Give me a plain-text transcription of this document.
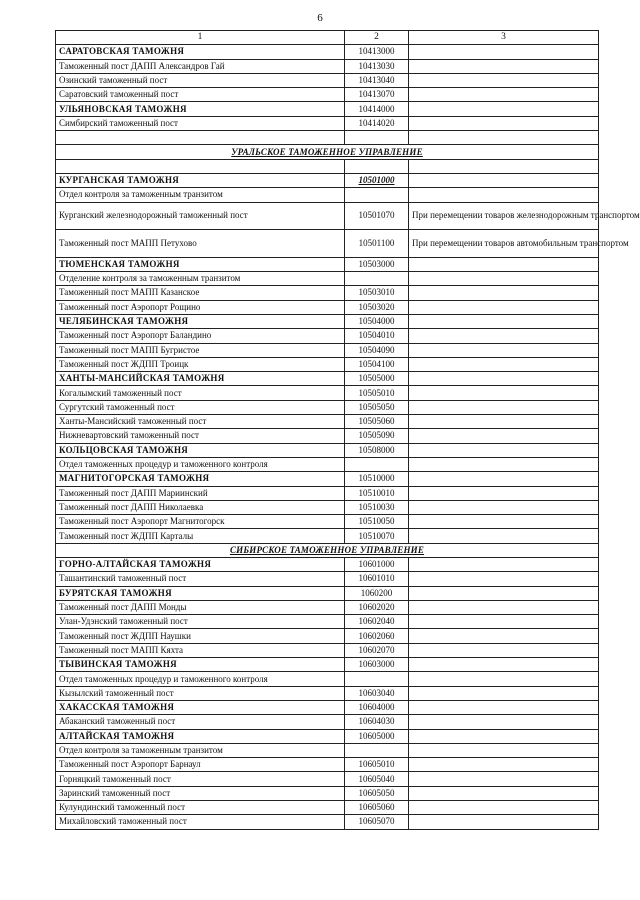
6
1	2	3
САРАТОВСКАЯ ТАМОЖНЯ	10413000	
Таможенный пост ДАПП Александров Гай	10413030	
Озинский таможенный пост	10413040	
Саратовский таможенный пост	10413070	
УЛЬЯНОВСКАЯ ТАМОЖНЯ	10414000	
Симбирский таможенный пост	10414020	

УРАЛЬСКОЕ ТАМОЖЕННОЕ УПРАВЛЕНИЕ		

КУРГАНСКАЯ ТАМОЖНЯ	10501000	
Отдел контроля за таможенным транзитом		
Курганский железнодорожный таможенный пост	10501070	При перемещении товаров железнодорожным транспортом
Таможенный пост МАПП Петухово	10501100	При перемещении товаров автомобильным транспортом
ТЮМЕНСКАЯ ТАМОЖНЯ	10503000	
Отделение контроля за таможенным транзитом		
Таможенный пост МАПП Казанское	10503010	
Таможенный пост Аэропорт Рощино	10503020	
ЧЕЛЯБИНСКАЯ ТАМОЖНЯ	10504000	
Таможенный пост Аэропорт Баландино	10504010	
Таможенный пост МАПП Бугристое	10504090	
Таможенный пост ЖДПП Троицк	10504100	
ХАНТЫ-МАНСИЙСКАЯ ТАМОЖНЯ	10505000	
Когалымский таможенный пост	10505010	
Сургутский таможенный пост	10505050	
Ханты-Мансийский таможенный пост	10505060	
Нижневартовский таможенный пост	10505090	
КОЛЬЦОВСКАЯ ТАМОЖНЯ	10508000	
Отдел таможенных процедур и таможенного контроля		
МАГНИТОГОРСКАЯ ТАМОЖНЯ	10510000	
Таможенный пост ДАПП Мариинский	10510010	
Таможенный пост ДАПП Николаевка	10510030	
Таможенный пост Аэропорт Магнитогорск	10510050	
Таможенный пост ЖДПП Карталы	10510070	
СИБИРСКОЕ ТАМОЖЕННОЕ УПРАВЛЕНИЕ		
ГОРНО-АЛТАЙСКАЯ ТАМОЖНЯ	10601000	
Ташантинский таможенный пост	10601010	
БУРЯТСКАЯ ТАМОЖНЯ	1060200	
Таможенный пост ДАПП Монды	10602020	
Улан-Удэнский таможенный пост	10602040	
Таможенный пост ЖДПП Наушки	10602060	
Таможенный пост МАПП Кяхта	10602070	
ТЫВИНСКАЯ ТАМОЖНЯ	10603000	
Отдел таможенных процедур и таможенного контроля		
Кызылский таможенный пост	10603040	
ХАКАССКАЯ ТАМОЖНЯ	10604000	
Абаканский таможенный пост	10604030	
АЛТАЙСКАЯ ТАМОЖНЯ	10605000	
Отдел контроля за таможенным транзитом		
Таможенный пост Аэропорт Барнаул	10605010	
Горняцкий таможенный пост	10605040	
Заринский таможенный пост	10605050	
Кулундинский таможенный пост	10605060	
Михайловский таможенный пост	10605070	
